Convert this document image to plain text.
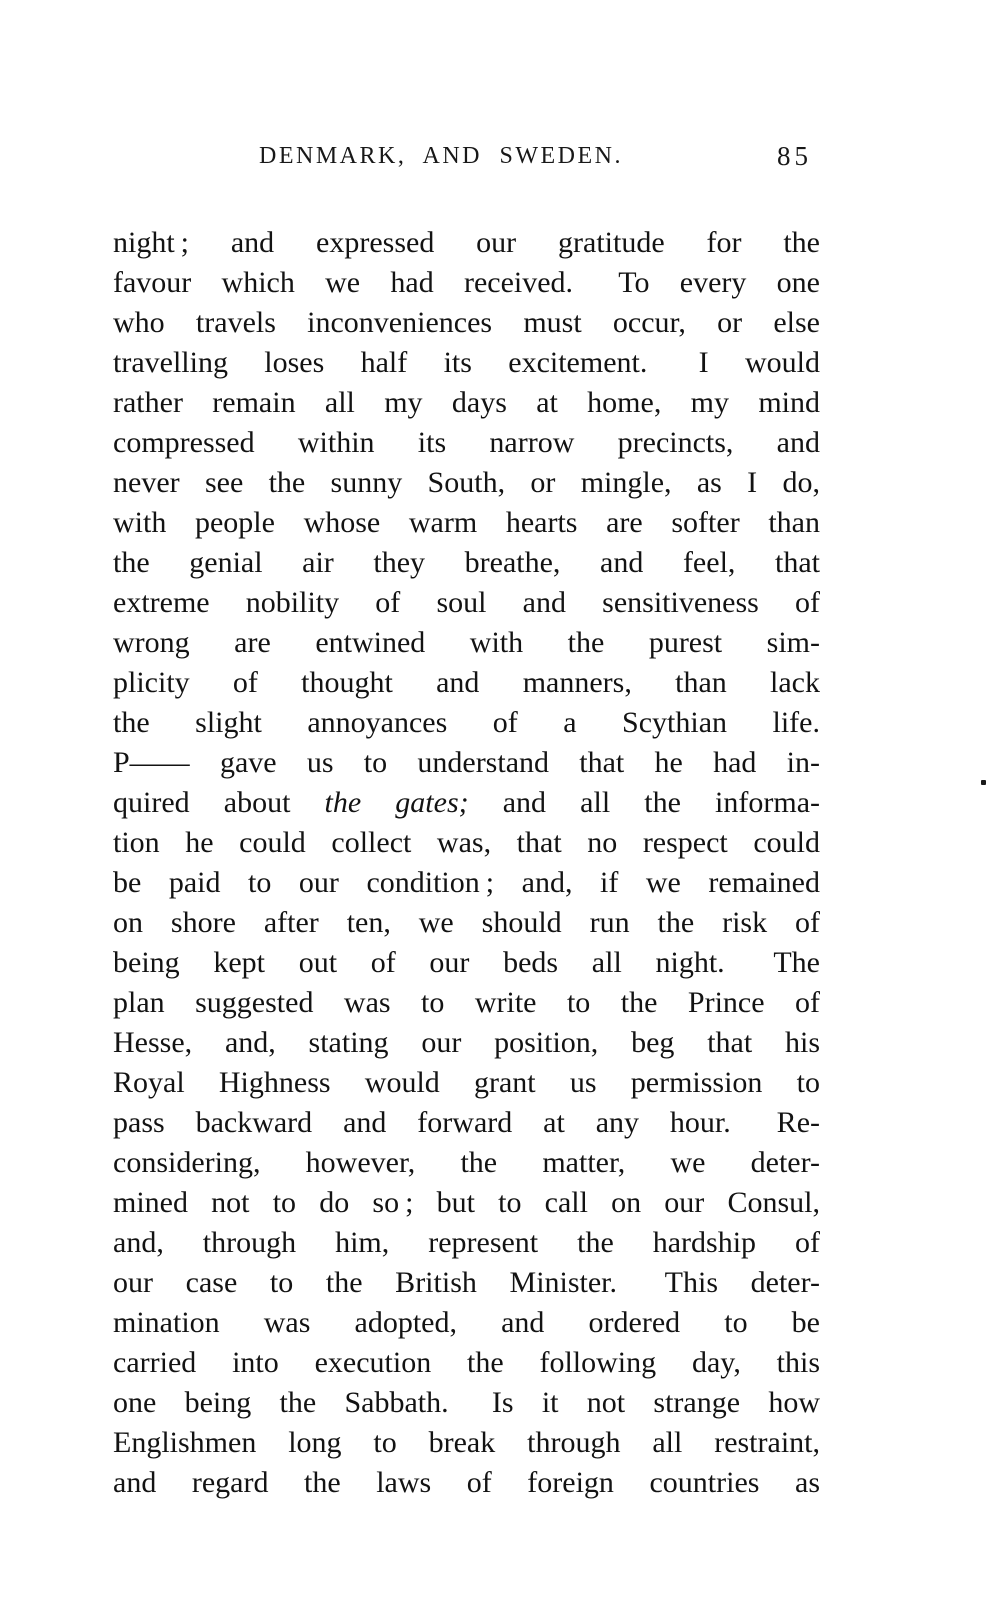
DENMARK, AND SWEDEN.	85
night ; and expressed our gratitude for the
favour which we had received.  To every one
who travels inconveniences must occur, or else
travelling loses half its excitement.  I would
rather remain all my days at home, my mind
compressed within its narrow precincts, and
never see the sunny South, or mingle, as I do,
with people whose warm hearts are softer than
the genial air they breathe, and feel, that
extreme nobility of soul and sensitiveness of
wrong are entwined with the purest sim-
plicity of thought and manners, than lack
the slight annoyances of a Scythian life.
P—— gave us to understand that he had in-
quired about the gates; and all the informa-
tion he could collect was, that no respect could
be paid to our condition ; and, if we remained
on shore after ten, we should run the risk of
being kept out of our beds all night.  The
plan suggested was to write to the Prince of
Hesse, and, stating our position, beg that his
Royal Highness would grant us permission to
pass backward and forward at any hour.  Re-
considering, however, the matter, we deter-
mined not to do so ; but to call on our Consul,
and, through him, represent the hardship of
our case to the British Minister.  This deter-
mination was adopted, and ordered to be
carried into execution the following day, this
one being the Sabbath.  Is it not strange how
Englishmen long to break through all restraint,
and regard the laws of foreign countries as
